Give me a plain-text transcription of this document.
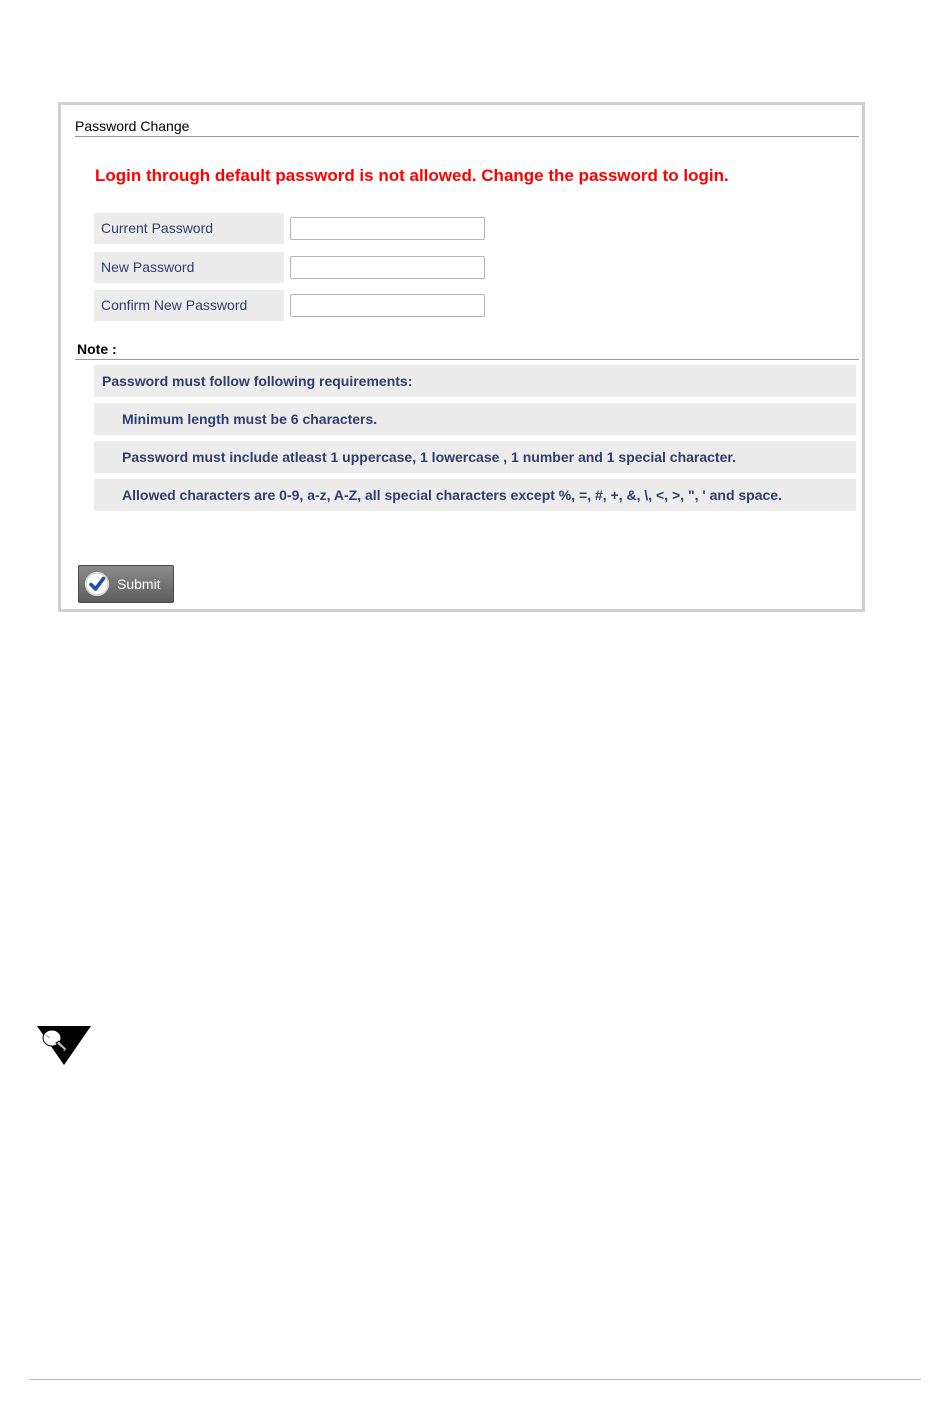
Password Change
Login through default password is not allowed. Change the password to login.
Current Password
New Password
Confirm New Password
Note :
Password must follow following requirements:
Minimum length must be 6 characters.
Password must include atleast 1 uppercase, 1 lowercase , 1 number and 1 special character.
Allowed characters are 0-9, a-z, A-Z, all special characters except %, =, #, +, &, \, <, >, ", ' and space.
Submit
